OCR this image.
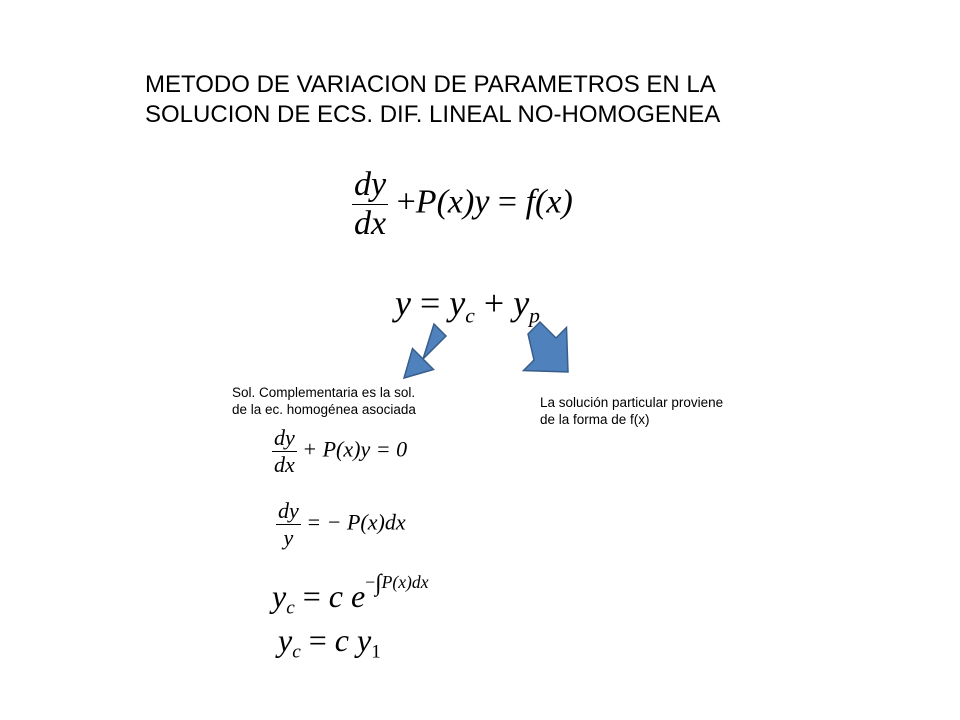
METODO DE VARIACION DE PARAMETROS EN LA
SOLUCION DE ECS. DIF. LINEAL NO-HOMOGENEA
$\frac{dy}{dx} +P(x)y = f(x)$
$y = y_c + y_p$
Sol. Complementaria es la sol.
de la ec. homogénea asociada	La solución particular proviene
de la forma de f(x)
$\frac{dy}{dx} + P(x)y = 0$
$\frac{dy}{y}$ = − P(x)dx
$y_c = c$ $e^{-\int P(x)dx}$
$y_c = c$ $y_1$
